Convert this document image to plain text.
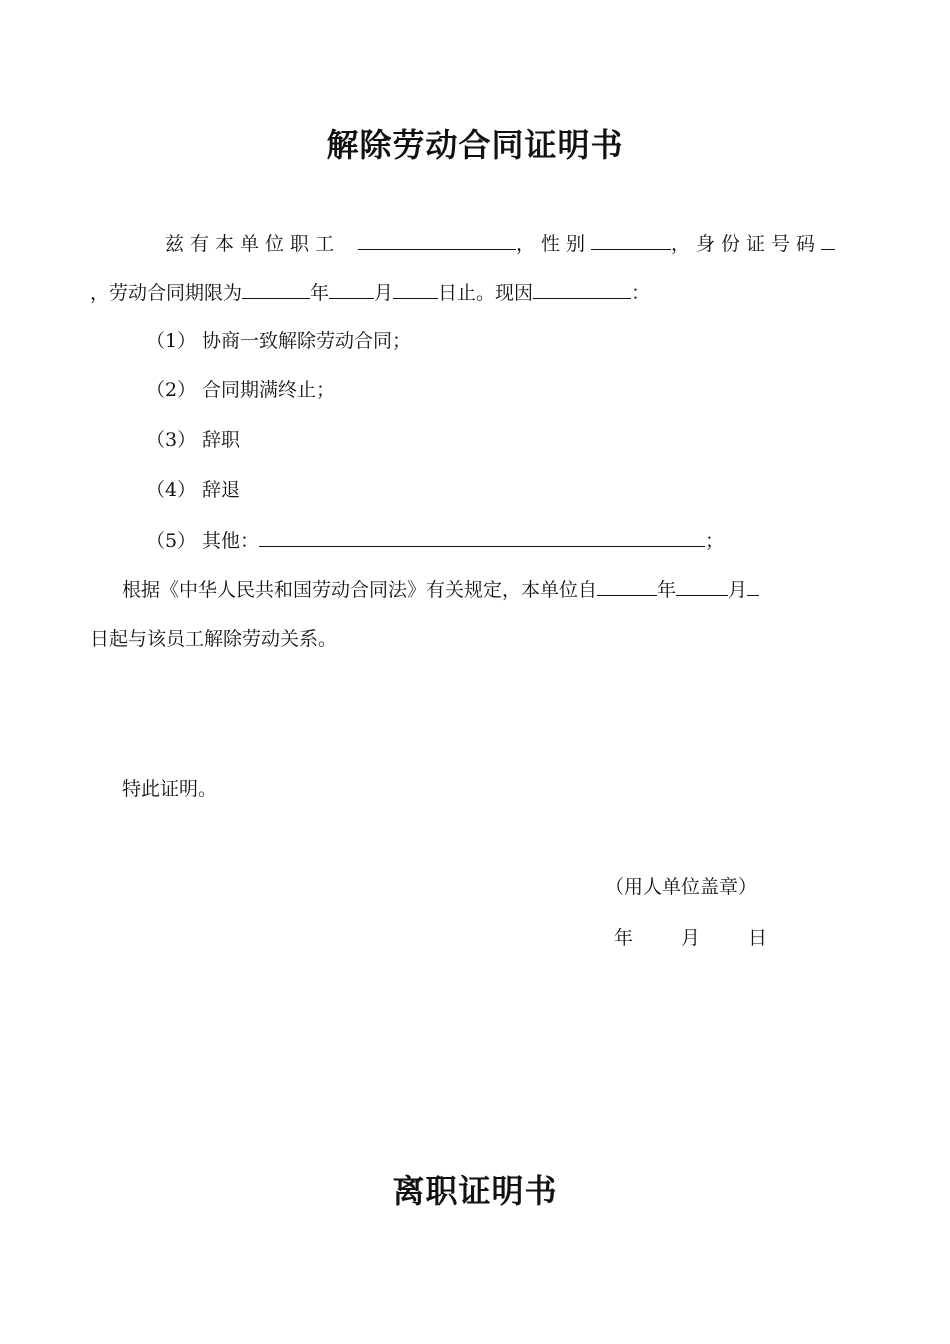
解除劳动合同证明书
兹有本单位职工	，性别	，身份证号码
，劳动合同期限为	年 月 日止。现因	：
（1） 协商一致解除劳动合同；
（2） 合同期满终止；
（3） 辞职
（4） 辞退
（5） 其他：	；
根据《中华人民共和国劳动合同法》有关规定，本单位自	年	月
日起与该员工解除劳动关系。
特此证明。
（用人单位盖章）
年	月	日
离职证明书
